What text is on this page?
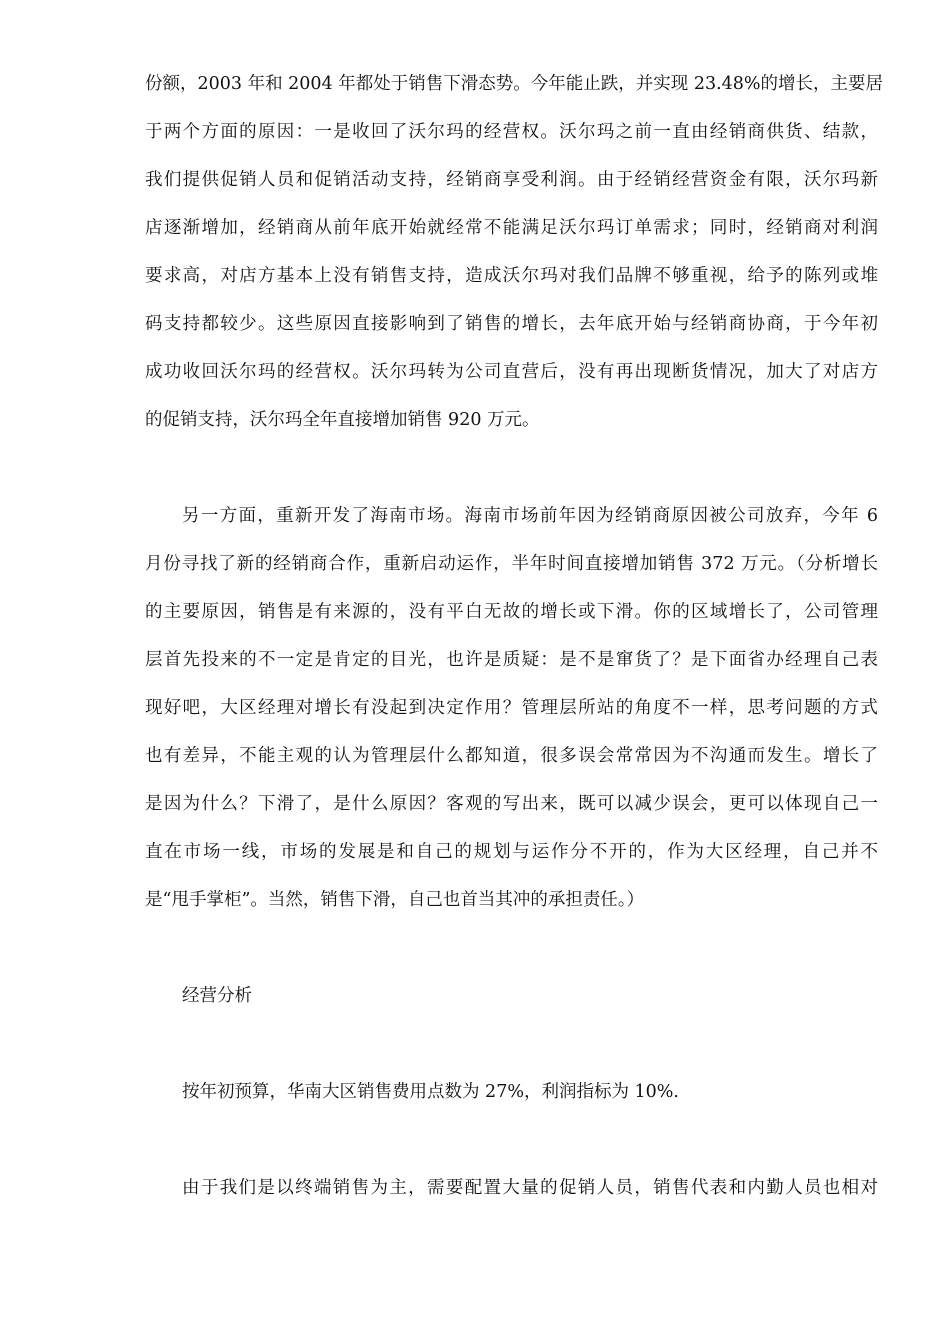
份额，2003 年和 2004 年都处于销售下滑态势。今年能止跌，并实现 23.48%的增长，主要居
于两个方面的原因：一是收回了沃尔玛的经营权。沃尔玛之前一直由经销商供货、结款，
我们提供促销人员和促销活动支持，经销商享受利润。由于经销经营资金有限，沃尔玛新
店逐渐增加，经销商从前年底开始就经常不能满足沃尔玛订单需求；同时，经销商对利润
要求高，对店方基本上没有销售支持，造成沃尔玛对我们品牌不够重视，给予的陈列或堆
码支持都较少。这些原因直接影响到了销售的增长，去年底开始与经销商协商，于今年初
成功收回沃尔玛的经营权。沃尔玛转为公司直营后，没有再出现断货情况，加大了对店方
的促销支持，沃尔玛全年直接增加销售 920 万元。
另一方面，重新开发了海南市场。海南市场前年因为经销商原因被公司放弃，今年 6
月份寻找了新的经销商合作，重新启动运作，半年时间直接增加销售 372 万元。（分析增长
的主要原因，销售是有来源的，没有平白无故的增长或下滑。你的区域增长了，公司管理
层首先投来的不一定是肯定的目光，也许是质疑：是不是窜货了？是下面省办经理自己表
现好吧，大区经理对增长有没起到决定作用？管理层所站的角度不一样，思考问题的方式
也有差异，不能主观的认为管理层什么都知道，很多误会常常因为不沟通而发生。增长了
是因为什么？下滑了，是什么原因？客观的写出来，既可以减少误会，更可以体现自己一
直在市场一线，市场的发展是和自己的规划与运作分不开的，作为大区经理，自己并不
是“甩手掌柜”。当然，销售下滑，自己也首当其冲的承担责任。）
经营分析
按年初预算，华南大区销售费用点数为 27%，利润指标为 10%.
由于我们是以终端销售为主，需要配置大量的促销人员，销售代表和内勤人员也相对
